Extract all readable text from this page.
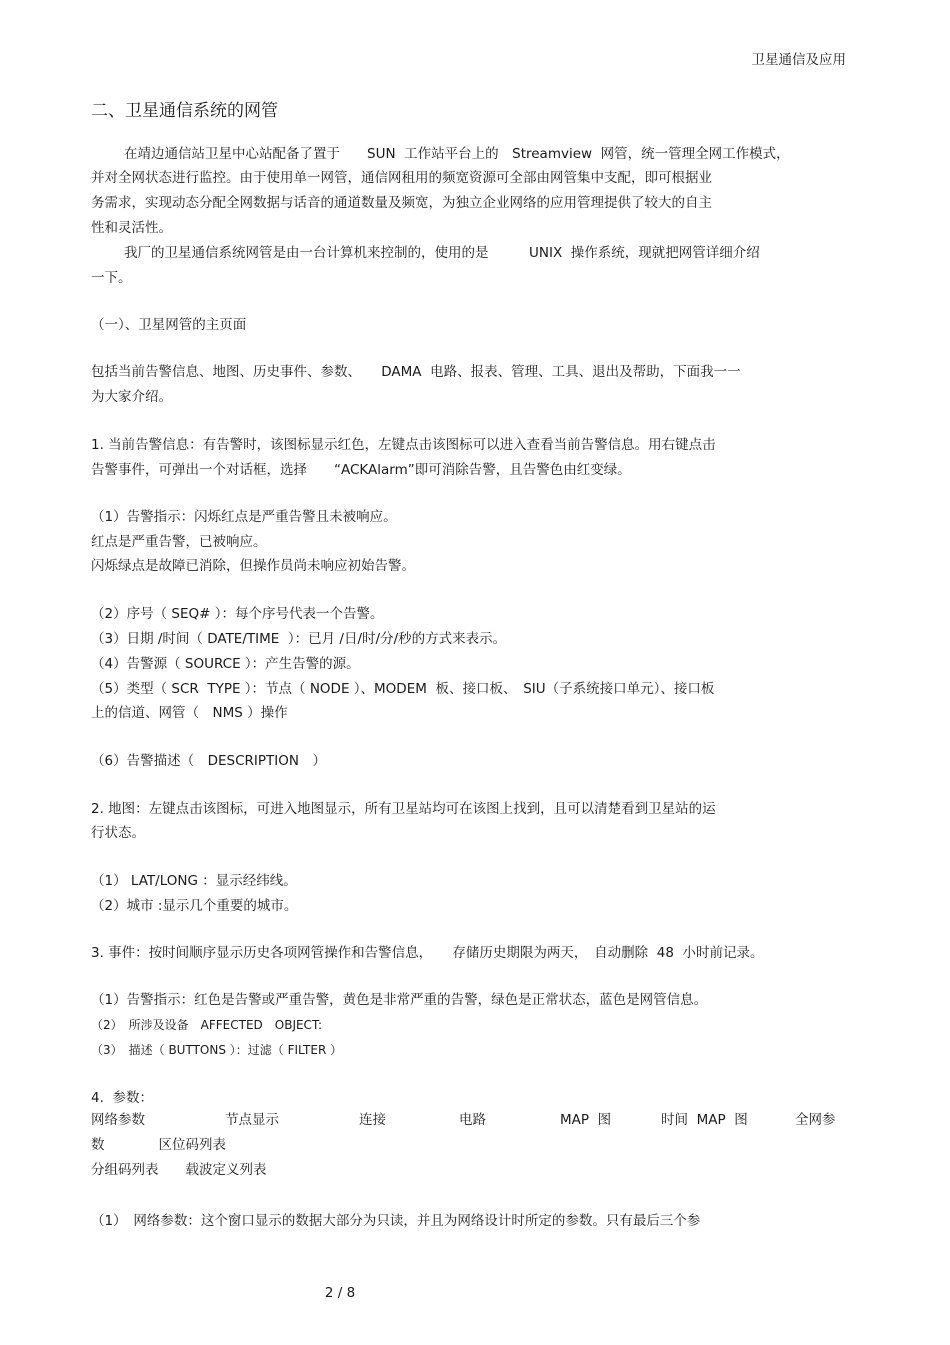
卫星通信及应用
二、卫星通信系统的网管
在靖边通信站卫星中心站配备了置于　　SUN  工作站平台上的　Streamview  网管，统一管理全网工作模式，
并对全网状态进行监控。由于使用单一网管，通信网租用的频宽资源可全部由网管集中支配，即可根据业
务需求，实现动态分配全网数据与话音的通道数量及频宽，为独立企业网络的应用管理提供了较大的自主
性和灵活性。
我厂的卫星通信系统网管是由一台计算机来控制的，使用的是　　　UNIX  操作系统，现就把网管详细介绍
一下。
（一）、卫星网管的主页面
包括当前告警信息、地图、历史事件、参数、　　DAMA  电路、报表、管理、工具、退出及帮助，下面我一一
为大家介绍。
1. 当前告警信息：有告警时，该图标显示红色，左键点击该图标可以进入查看当前告警信息。用右键点击
告警事件，可弹出一个对话框，选择　　“ACKAlarm”即可消除告警，且告警色由红变绿。
（1）告警指示：闪烁红点是严重告警且未被响应。
红点是严重告警，已被响应。
闪烁绿点是故障已消除，但操作员尚未响应初始告警。
（2）序号（ SEQ# ）：每个序号代表一个告警。
（3）日期 /时间（ DATE/TIME  ）：已月 /日/时/分/秒的方式来表示。
（4）告警源（ SOURCE ）：产生告警的源。
（5）类型（ SCR  TYPE ）：节点（ NODE ）、MODEM  板、接口板、　SIU（子系统接口单元）、接口板
上的信道、网管（　NMS ）操作
（6）告警描述（　DESCRIPTION　）
2. 地图：左键点击该图标，可进入地图显示，所有卫星站均可在该图上找到，且可以清楚看到卫星站的运
行状态。
（1） LAT/LONG ：显示经纬线。
（2）城市 :显示几个重要的城市。
3. 事件：按时间顺序显示历史各项网管操作和告警信息，　　存储历史期限为两天，　自动删除  48  小时前记录。
（1）告警指示：红色是告警或严重告警，黄色是非常严重的告警，绿色是正常状态，蓝色是网管信息。
（2）　所涉及设备　AFFECTED　OBJECT:
（3）　描述（ BUTTONS ）：过滤（ FILTER ）
4.  参数：
网络参数	节点显示	连接	电路	MAP  图	时间  MAP  图	全网参
数　　　　区位码列表
分组码列表　　载波定义列表
（1）　网络参数：这个窗口显示的数据大部分为只读，并且为网络设计时所定的参数。只有最后三个参
2 / 8
